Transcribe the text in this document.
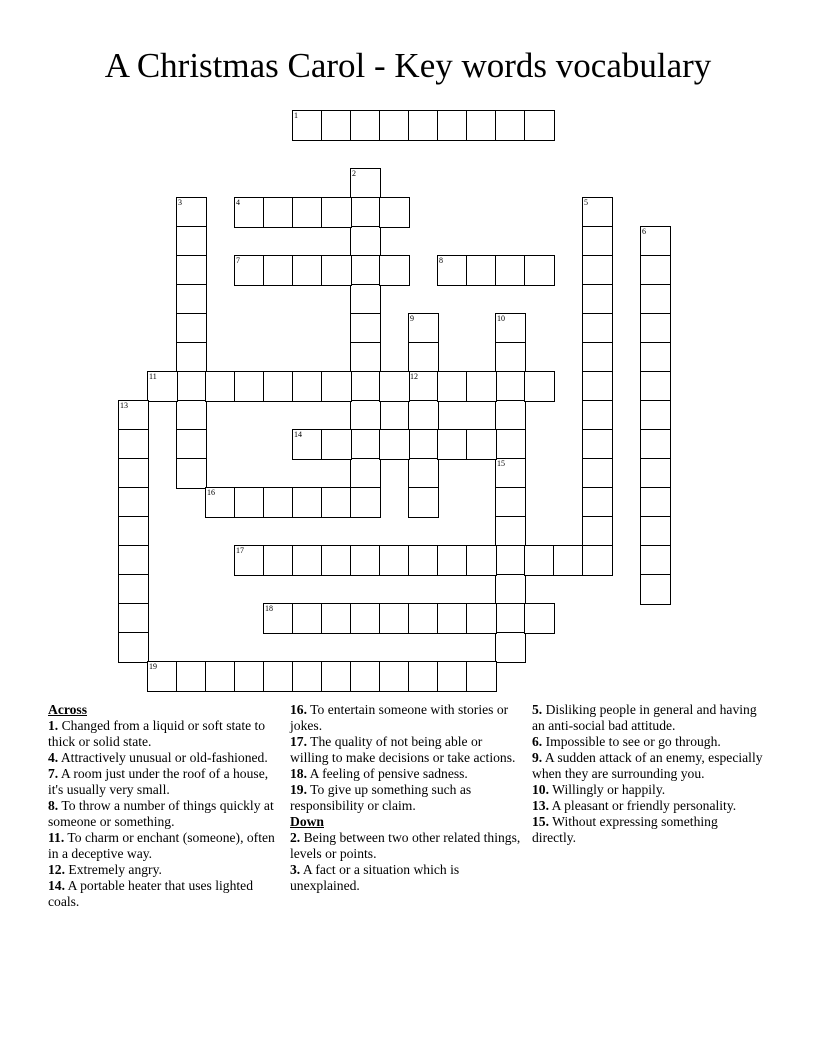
A Christmas Carol - Key words vocabulary
1
2
3	4	5
6
7	8
9
12
10
15
11
13
14
16
17
18
19
Across
1. Changed from a liquid or soft state to thick or solid state.
4. Attractively unusual or old-fashioned.
7. A room just under the roof of a house, it's usually very small.
8. To throw a number of things quickly at someone or something.
11. To charm or enchant (someone), often in a deceptive way.
12. Extremely angry.
14. A portable heater that uses lighted coals.
16. To entertain someone with stories or jokes.
17. The quality of not being able or willing to make decisions or take actions.
18. A feeling of pensive sadness.
19. To give up something such as responsibility or claim.
Down
2. Being between two other related things, levels or points.
3. A fact or a situation which is unexplained.
5. Disliking people in general and having an anti-social bad attitude.
6. Impossible to see or go through.
9. A sudden attack of an enemy, especially when they are surrounding you.
10. Willingly or happily.
13. A pleasant or friendly personality.
15. Without expressing something directly.
